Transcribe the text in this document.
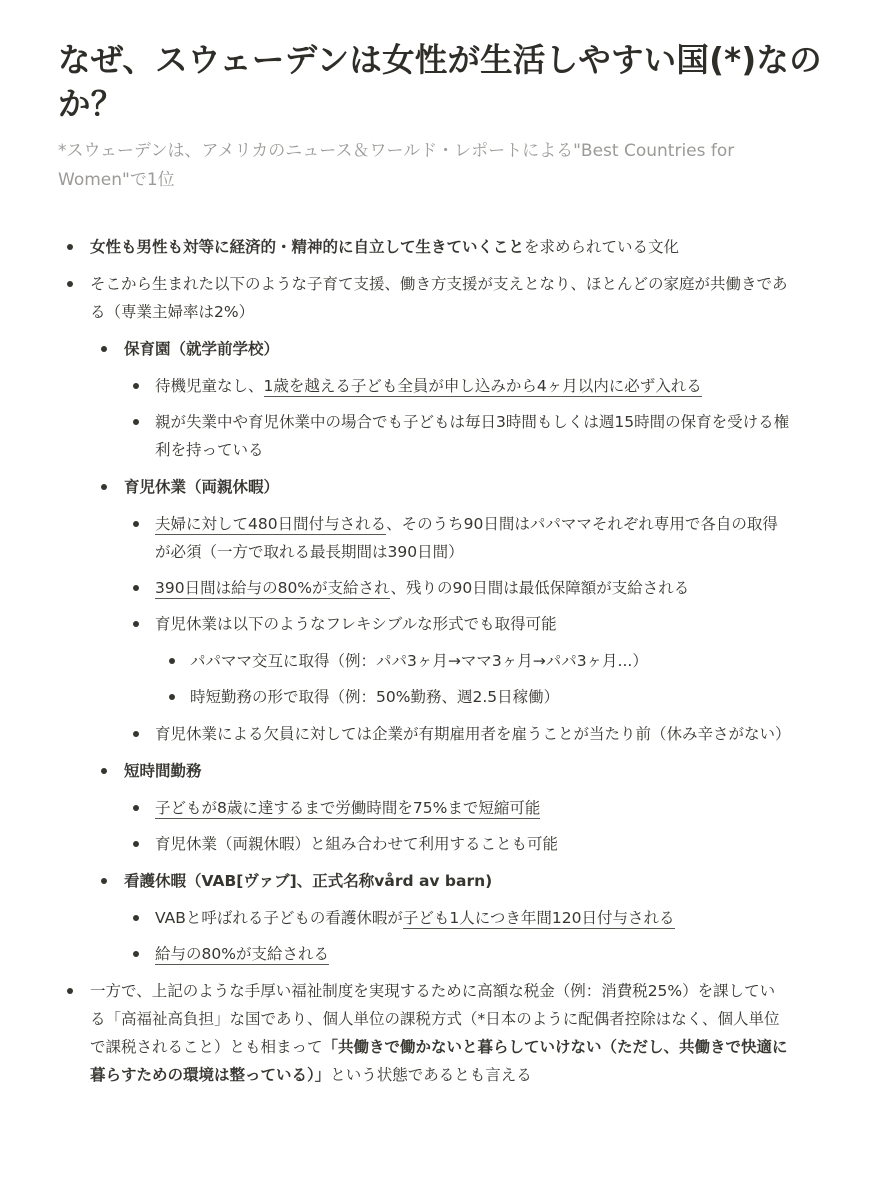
なぜ、スウェーデンは女性が生活しやすい国(*)なのか？

*スウェーデンは、アメリカのニュース＆ワールド・レポートによる"Best Countries for Women"で1位

女性も男性も対等に経済的・精神的に自立して生きていくことを求められている文化
そこから生まれた以下のような子育て支援、働き方支援が支えとなり、ほとんどの家庭が共働きである（専業主婦率は2%）
保育園（就学前学校）
待機児童なし、1歳を越える子ども全員が申し込みから4ヶ月以内に必ず入れる
親が失業中や育児休業中の場合でも子どもは毎日3時間もしくは週15時間の保育を受ける権利を持っている
育児休業（両親休暇）
夫婦に対して480日間付与される、そのうち90日間はパパママそれぞれ専用で各自の取得が必須（一方で取れる最長期間は390日間）
390日間は給与の80%が支給され、残りの90日間は最低保障額が支給される
育児休業は以下のようなフレキシブルな形式でも取得可能
パパママ交互に取得（例：パパ3ヶ月→ママ3ヶ月→パパ3ヶ月...）
時短勤務の形で取得（例：50%勤務、週2.5日稼働）
育児休業による欠員に対しては企業が有期雇用者を雇うことが当たり前（休み辛さがない）
短時間勤務
子どもが8歳に達するまで労働時間を75%まで短縮可能
育児休業（両親休暇）と組み合わせて利用することも可能
看護休暇（VAB[ヴァブ]、正式名称vård av barn)
VABと呼ばれる子どもの看護休暇が子ども1人につき年間120日付与される
給与の80%が支給される
一方で、上記のような手厚い福祉制度を実現するために高額な税金（例：消費税25%）を課している「高福祉高負担」な国であり、個人単位の課税方式（*日本のように配偶者控除はなく、個人単位で課税されること）とも相まって「共働きで働かないと暮らしていけない（ただし、共働きで快適に暮らすための環境は整っている）」という状態であるとも言える
